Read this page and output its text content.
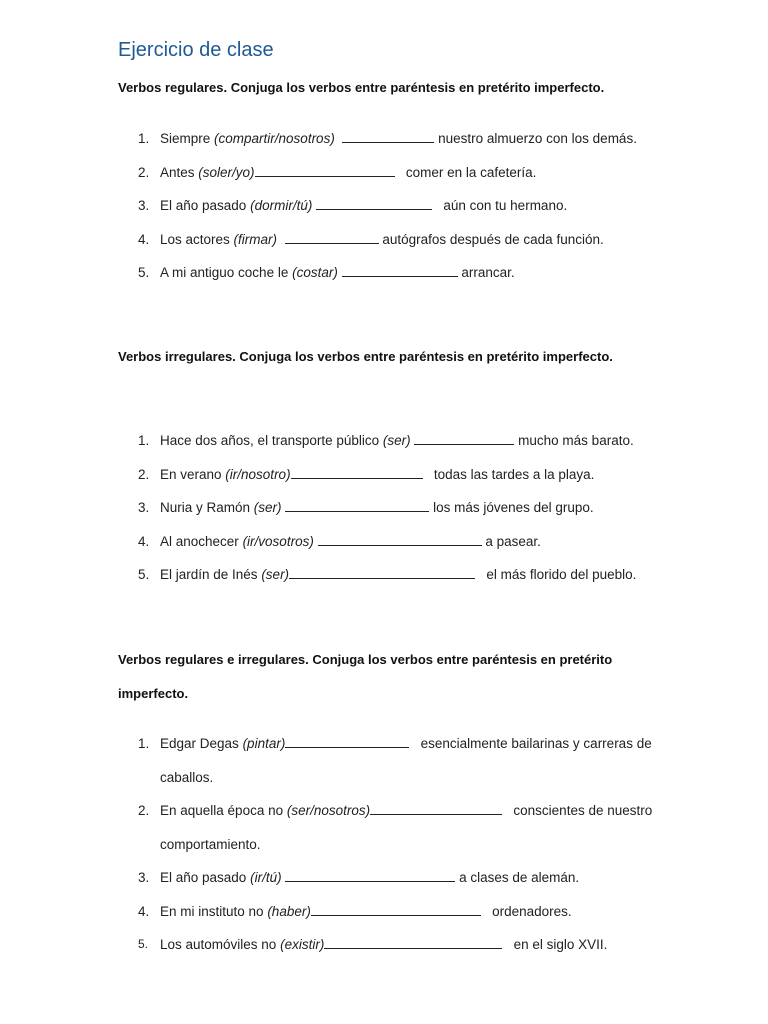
Ejercicio de clase

Verbos regulares. Conjuga los verbos entre paréntesis en pretérito imperfecto.

1. Siempre (compartir/nosotros)	nuestro almuerzo con los demás.
2. Antes (soler/yo)	comer en la cafetería.
3. El año pasado (dormir/tú)	aún con tu hermano.
4. Los actores (firmar)	autógrafos después de cada función.
5. A mi antiguo coche le (costar)	arrancar.

Verbos irregulares. Conjuga los verbos entre paréntesis en pretérito imperfecto.

1. Hace dos años, el transporte público (ser)	mucho más barato.
2. En verano (ir/nosotro)	todas las tardes a la playa.
3. Nuria y Ramón (ser)	los más jóvenes del grupo.
4. Al anochecer (ir/vosotros)	a pasear.
5. El jardín de Inés (ser)	el más florido del pueblo.

Verbos regulares e irregulares. Conjuga los verbos entre paréntesis en pretérito imperfecto.

1. Edgar Degas (pintar)	esencialmente bailarinas y carreras de caballos.
2. En aquella época no (ser/nosotros)	conscientes de nuestro comportamiento.
3. El año pasado (ir/tú)	a clases de alemán.
4. En mi instituto no (haber)	ordenadores.
5. Los automóviles no (existir)	en el siglo XVII.
